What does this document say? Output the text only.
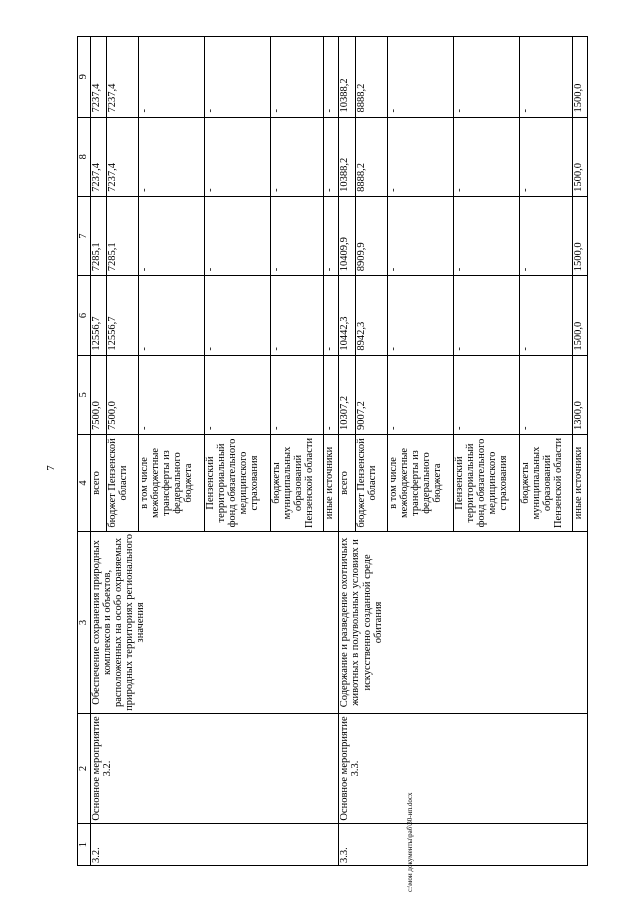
7
c:\мои документы\раб\30-ип.docx
1	2	3	4	5	6	7	8	9
3.2.	Основное мероприятие 3.2.	Обеспечение сохранения природных комплексов и объектов, расположенных на особо охраняемых природных территориях регионального значения	всего	7500,0	12556,7	7285,1	7237,4	7237,4
			бюджет Пензенской области	7500,0	12556,7	7285,1	7237,4	7237,4
			в том числе межбюджетные трансферты из федерального бюджета	-	-	-	-	-
			Пензенский территориальный фонд обязательного медицинского страхования	-	-	-	-	-
			бюджеты муниципальных образований Пензенской области	-	-	-	-	-
			иные источники	-	-	-	-	-
3.3.	Основное мероприятие 3.3.	Содержание и разведение охотничьих животных в полувольных условиях и искусственно созданной среде обитания	всего	10307,2	10442,3	10409,9	10388,2	10388,2
			бюджет Пензенской области	9007,2	8942,3	8909,9	8888,2	8888,2
			в том числе межбюджетные трансферты из федерального бюджета	-	-	-	-	-
			Пензенский территориальный фонд обязательного медицинского страхования	-	-	-	-	-
			бюджеты муниципальных образований Пензенской области	-	-	-	-	-
			иные источники	1300,0	1500,0	1500,0	1500,0	1500,0
